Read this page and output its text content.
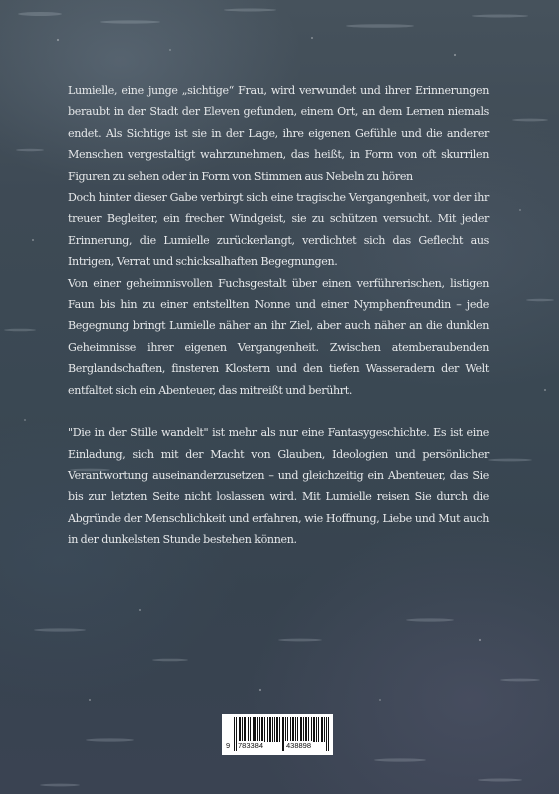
Lumielle, eine junge „sichtige“ Frau, wird verwundet und ihrer Erinnerungen beraubt in der Stadt der Eleven gefunden, einem Ort, an dem Lernen niemals endet. Als Sichtige ist sie in der Lage, ihre eigenen Gefühle und die anderer Menschen vergestaltigt wahrzunehmen, das heißt, in Form von oft skurrilen Figuren zu sehen oder in Form von Stimmen aus Nebeln zu hören

Doch hinter dieser Gabe verbirgt sich eine tragische Vergangenheit, vor der ihr treuer Begleiter, ein frecher Windgeist, sie zu schützen versucht. Mit jeder Erinnerung, die Lumielle zurückerlangt, verdichtet sich das Geflecht aus Intrigen, Verrat und schicksalhaften Begegnungen.

Von einer geheimnisvollen Fuchsgestalt über einen verführerischen, listigen Faun bis hin zu einer entstellten Nonne und einer Nymphenfreundin – jede Begegnung bringt Lumielle näher an ihr Ziel, aber auch näher an die dunklen Geheimnisse ihrer eigenen Vergangenheit. Zwischen atemberaubenden Berglandschaften, finsteren Klostern und den tiefen Wasseradern der Welt entfaltet sich ein Abenteuer, das mitreißt und berührt.

"Die in der Stille wandelt" ist mehr als nur eine Fantasygeschichte. Es ist eine Einladung, sich mit der Macht von Glauben, Ideologien und persönlicher Verantwortung auseinanderzusetzen – und gleichzeitig ein Abenteuer, das Sie bis zur letzten Seite nicht loslassen wird. Mit Lumielle reisen Sie durch die Abgründe der Menschlichkeit und erfahren, wie Hoffnung, Liebe und Mut auch in der dunkelsten Stunde bestehen können.

9 783384	438898
